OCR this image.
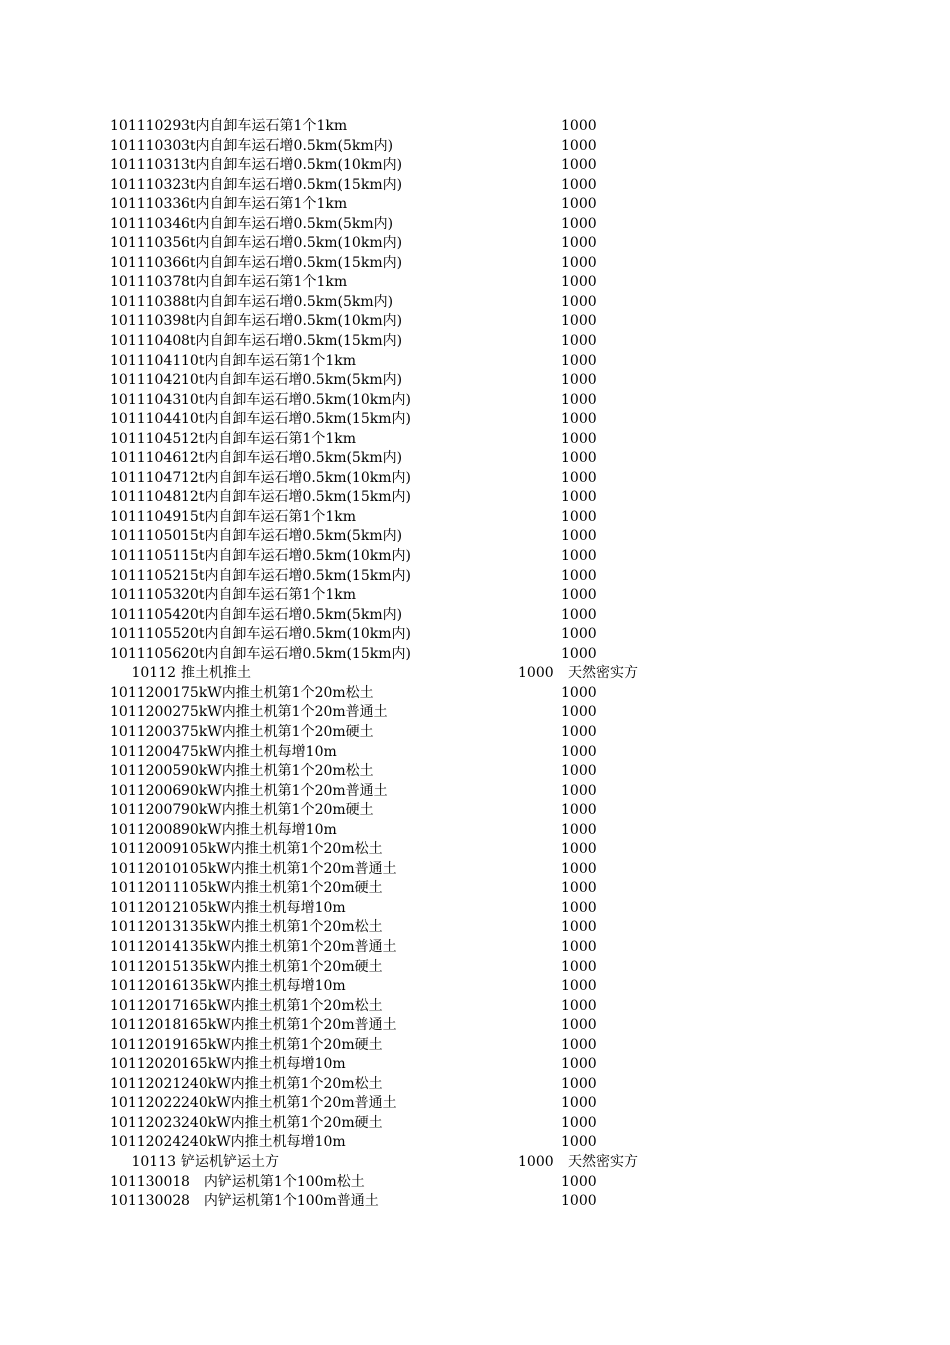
10111029 3t内自卸车运石第1个1km	1000
10111030 3t内自卸车运石增0.5km(5km内)	1000
10111031 3t内自卸车运石增0.5km(10km内)	1000
10111032 3t内自卸车运石增0.5km(15km内)	1000
10111033 6t内自卸车运石第1个1km	1000
10111034 6t内自卸车运石增0.5km(5km内)	1000
10111035 6t内自卸车运石增0.5km(10km内)	1000
10111036 6t内自卸车运石增0.5km(15km内)	1000
10111037 8t内自卸车运石第1个1km	1000
10111038 8t内自卸车运石增0.5km(5km内)	1000
10111039 8t内自卸车运石增0.5km(10km内)	1000
10111040 8t内自卸车运石增0.5km(15km内)	1000
10111041 10t内自卸车运石第1个1km	1000
10111042 10t内自卸车运石增0.5km(5km内)	1000
10111043 10t内自卸车运石增0.5km(10km内)	1000
10111044 10t内自卸车运石增0.5km(15km内)	1000
10111045 12t内自卸车运石第1个1km	1000
10111046 12t内自卸车运石增0.5km(5km内)	1000
10111047 12t内自卸车运石增0.5km(10km内)	1000
10111048 12t内自卸车运石增0.5km(15km内)	1000
10111049 15t内自卸车运石第1个1km	1000
10111050 15t内自卸车运石增0.5km(5km内)	1000
10111051 15t内自卸车运石增0.5km(10km内)	1000
10111052 15t内自卸车运石增0.5km(15km内)	1000
10111053 20t内自卸车运石第1个1km	1000
10111054 20t内自卸车运石增0.5km(5km内)	1000
10111055 20t内自卸车运石增0.5km(10km内)	1000
10111056 20t内自卸车运石增0.5km(15km内)	1000
10112 推土机推土	1000 天然密实方
10112001 75kW内推土机第1个20m松土	1000
10112002 75kW内推土机第1个20m普通土	1000
10112003 75kW内推土机第1个20m硬土	1000
10112004 75kW内推土机每增10m	1000
10112005 90kW内推土机第1个20m松土	1000
10112006 90kW内推土机第1个20m普通土	1000
10112007 90kW内推土机第1个20m硬土	1000
10112008 90kW内推土机每增10m	1000
10112009 105kW内推土机第1个20m松土	1000
10112010 105kW内推土机第1个20m普通土	1000
10112011 105kW内推土机第1个20m硬土	1000
10112012 105kW内推土机每增10m	1000
10112013 135kW内推土机第1个20m松土	1000
10112014 135kW内推土机第1个20m普通土	1000
10112015 135kW内推土机第1个20m硬土	1000
10112016 135kW内推土机每增10m	1000
10112017 165kW内推土机第1个20m松土	1000
10112018 165kW内推土机第1个20m普通土	1000
10112019 165kW内推土机第1个20m硬土	1000
10112020 165kW内推土机每增10m	1000
10112021 240kW内推土机第1个20m松土	1000
10112022 240kW内推土机第1个20m普通土	1000
10112023 240kW内推土机第1个20m硬土	1000
10112024 240kW内推土机每增10m	1000
10113 铲运机铲运土方	1000 天然密实方
10113001 8　内铲运机第1个100m松土	1000
10113002 8　内铲运机第1个100m普通土	1000
